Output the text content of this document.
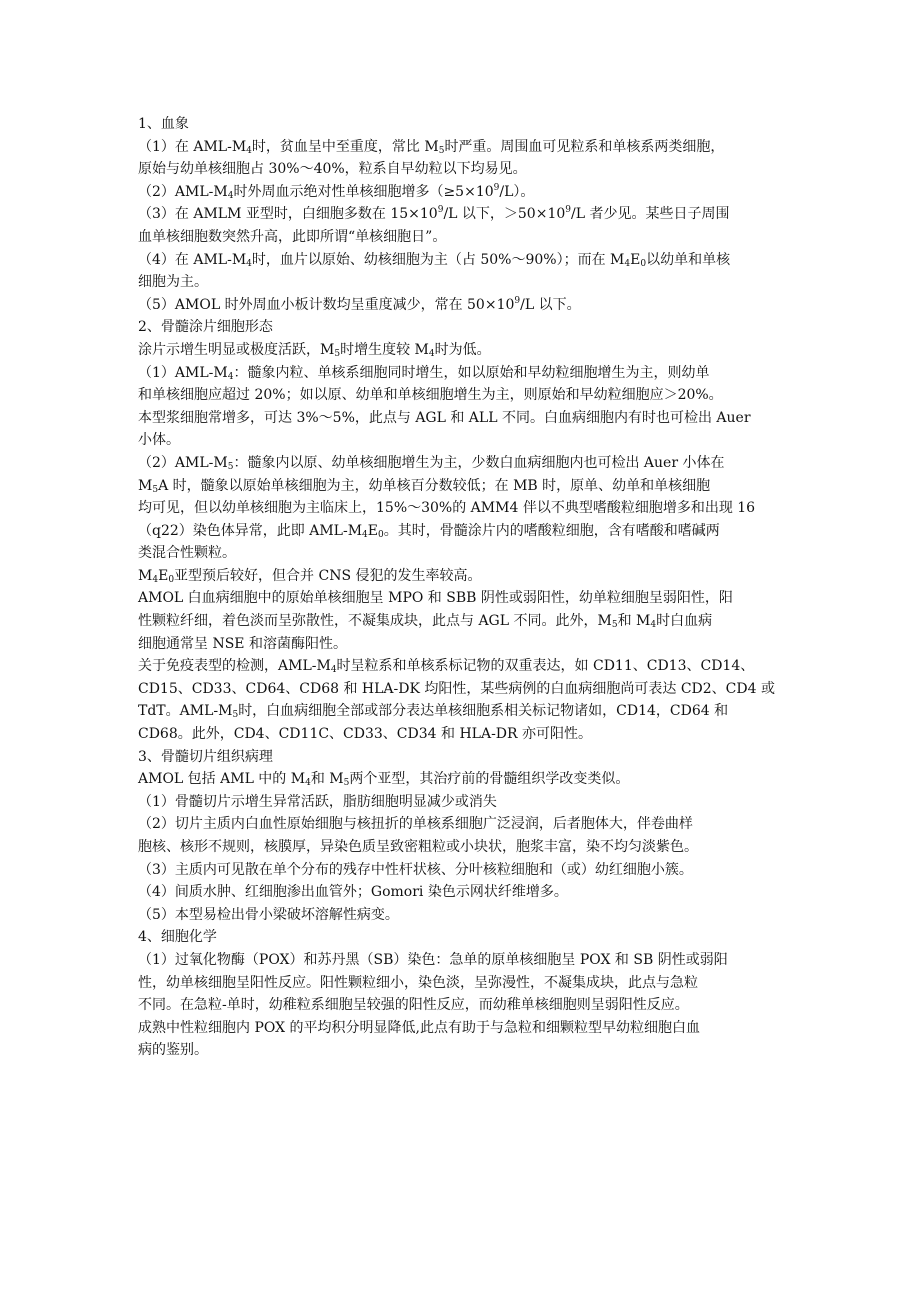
1、血象
（1）在 AML-$M_4$时，贫血呈中至重度，常比 $M_5$时严重。周围血可见粒系和单核系两类细胞，
原始与幼单核细胞占 30%～40%，粒系自早幼粒以下均易见。
$(2)AML-M_4$时外周血示绝对性单核细胞增多$(\ge 5\times 10^9/L)$。
（3）在 AMLM 亚型时，白细胞多数在 $15\times 10^9/L$ 以下，$>50\times 10^9/L$ 者少见。某些日子周围
血单核细胞数突然升高，此即所谓“单核细胞日”。
（4）在 AML-$M_4$时，血片以原始、幼核细胞为主（占 50%～90%）；而在 $M_4E_0$以幼单和单核
细胞为主。
（5）AMOL 时外周血小板计数均呈重度减少，常在 $50\times 10^9/L$ 以下。
2、骨髓涂片细胞形态
涂片示增生明显或极度活跃，$M_5$时增生度较 $M_4$时为低。
$(1)AML-M_4$：髓象内粒、单核系细胞同时增生，如以原始和早幼粒细胞增生为主，则幼单
和单核细胞应超过 20%；如以原、幼单和单核细胞增生为主，则原始和早幼粒细胞应＞20%。
本型浆细胞常增多，可达 3%～5%，此点与 AGL 和 ALL 不同。白血病细胞内有时也可检出 Auer
小体。
$(2)AML-M_5$：髓象内以原、幼单核细胞增生为主，少数白血病细胞内也可检出 Auer 小体在
$M_5A$ 时，髓象以原始单核细胞为主，幼单核百分数较低；在 MB 时，原单、幼单和单核细胞
均可见，但以幼单核细胞为主临床上，15%～30%的 AMM4 伴以不典型嗜酸粒细胞增多和出现 16
（q22）染色体异常，此即 AML-$M_4E_0$。其时，骨髓涂片内的嗜酸粒细胞，含有嗜酸和嗜碱两
类混合性颗粒。
$M_4E_0$亚型预后较好，但合并 CNS 侵犯的发生率较高。
AMOL 白血病细胞中的原始单核细胞呈 MPO 和 SBB 阴性或弱阳性，幼单粒细胞呈弱阳性，阳
性颗粒纤细，着色淡而呈弥散性，不凝集成块，此点与 AGL 不同。此外，$M_5$和 $M_4$时白血病
细胞通常呈 NSE 和溶菌酶阳性。
关于免疫表型的检测，AML-$M_4$时呈粒系和单核系标记物的双重表达，如 CD11、CD13、CD14、
CD15、CD33、CD64、CD68 和 HLA-DK 均阳性，某些病例的白血病细胞尚可表达 CD2、CD4 或
TdT。AML-$M_5$时，白血病细胞全部或部分表达单核细胞系相关标记物诸如，CD14，CD64 和
CD68。此外，CD4、CD11C、CD33、CD34 和 HLA-DR 亦可阳性。
3、骨髓切片组织病理
AMOL 包括 AML 中的 $M_4$和 $M_5$两个亚型，其治疗前的骨髓组织学改变类似。
（1）骨髓切片示增生异常活跃，脂肪细胞明显减少或消失
（2）切片主质内白血性原始细胞与核扭折的单核系细胞广泛浸润，后者胞体大，伴卷曲样
胞核、核形不规则，核膜厚，异染色质呈致密粗粒或小块状，胞浆丰富，染不均匀淡紫色。
（3）主质内可见散在单个分布的残存中性杆状核、分叶核粒细胞和（或）幼红细胞小簇。
（4）间质水肿、红细胞渗出血管外；Gomori 染色示网状纤维增多。
（5）本型易检出骨小梁破坏溶解性病变。
4、细胞化学
（1）过氧化物酶（POX）和苏丹黑（SB）染色：急单的原单核细胞呈 POX 和 SB 阴性或弱阳
性，幼单核细胞呈阳性反应。阳性颗粒细小，染色淡，呈弥漫性，不凝集成块，此点与急粒
不同。在急粒-单时，幼稚粒系细胞呈较强的阳性反应，而幼稚单核细胞则呈弱阳性反应。
成熟中性粒细胞内 POX 的平均积分明显降低,此点有助于与急粒和细颗粒型早幼粒细胞白血
病的鉴别。
